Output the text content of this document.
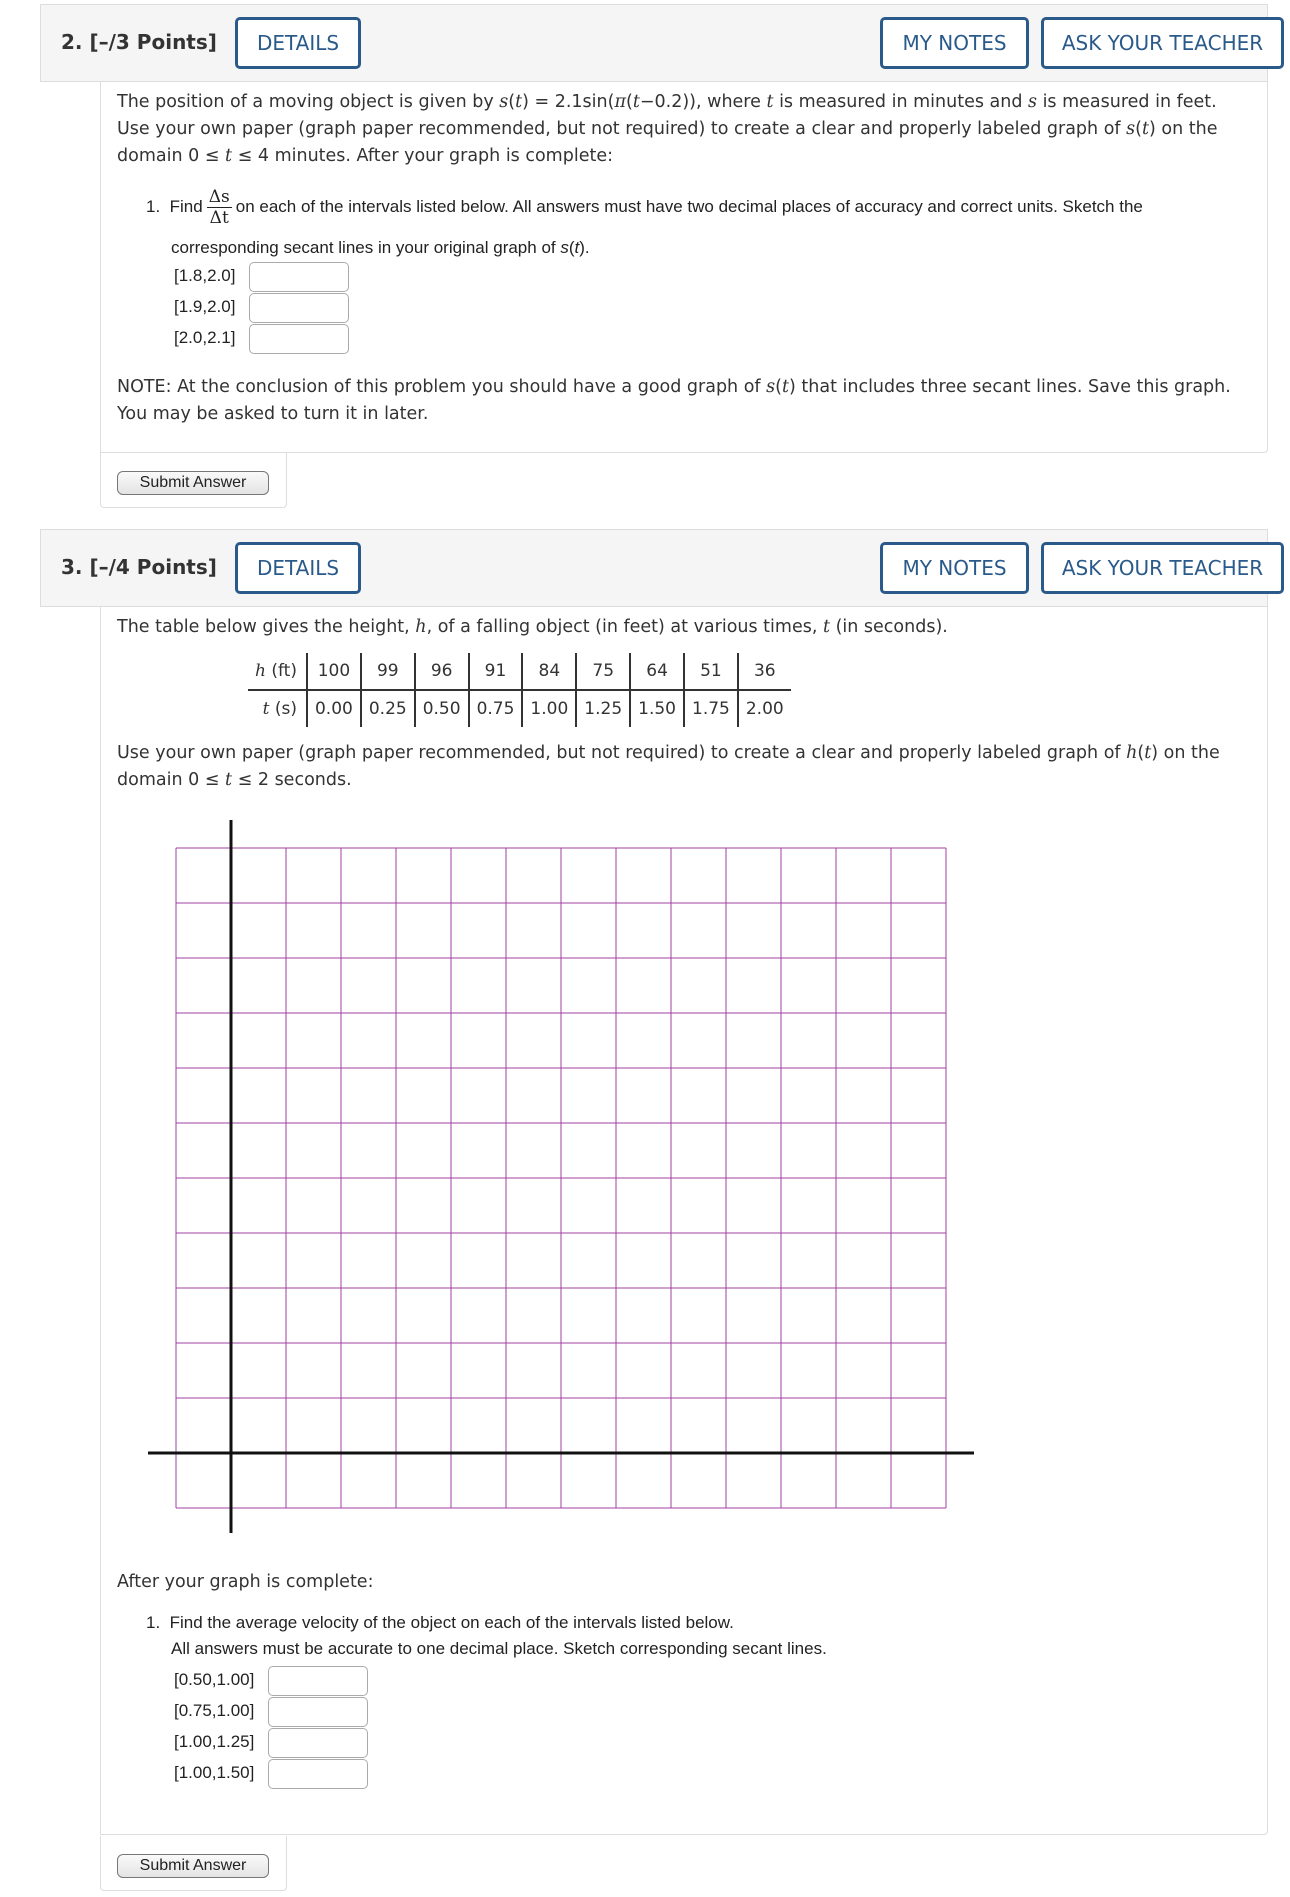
2. [–/3 Points]	DETAILS	MY NOTES	ASK YOUR TEACHER
The position of a moving object is given by s(t) = 2.1sin(π(t−0.2)), where t is measured in minutes and s is measured in feet. Use your own paper (graph paper recommended, but not required) to create a clear and properly labeled graph of s(t) on the domain 0 ≤ t ≤ 4 minutes. After your graph is complete:
1. Find $\frac{\Delta s}{\Delta t}$ on each of the intervals listed below. All answers must have two decimal places of accuracy and correct units. Sketch the
corresponding secant lines in your original graph of s(t).
[1.8,2.0]
[1.9,2.0]
[2.0,2.1]
NOTE: At the conclusion of this problem you should have a good graph of s(t) that includes three secant lines. Save this graph. You may be asked to turn it in later.
Submit Answer
3. [–/4 Points]	DETAILS	MY NOTES	ASK YOUR TEACHER
The table below gives the height, h, of a falling object (in feet) at various times, t (in seconds).
h (ft)	100	99	96	91	84	75	64	51	36
t (s)	0.00	0.25	0.50	0.75	1.00	1.25	1.50	1.75	2.00
Use your own paper (graph paper recommended, but not required) to create a clear and properly labeled graph of h(t) on the domain 0 ≤ t ≤ 2 seconds.
After your graph is complete:
1. Find the average velocity of the object on each of the intervals listed below.
All answers must be accurate to one decimal place. Sketch corresponding secant lines.
[0.50,1.00]
[0.75,1.00]
[1.00,1.25]
[1.00,1.50]
Submit Answer
